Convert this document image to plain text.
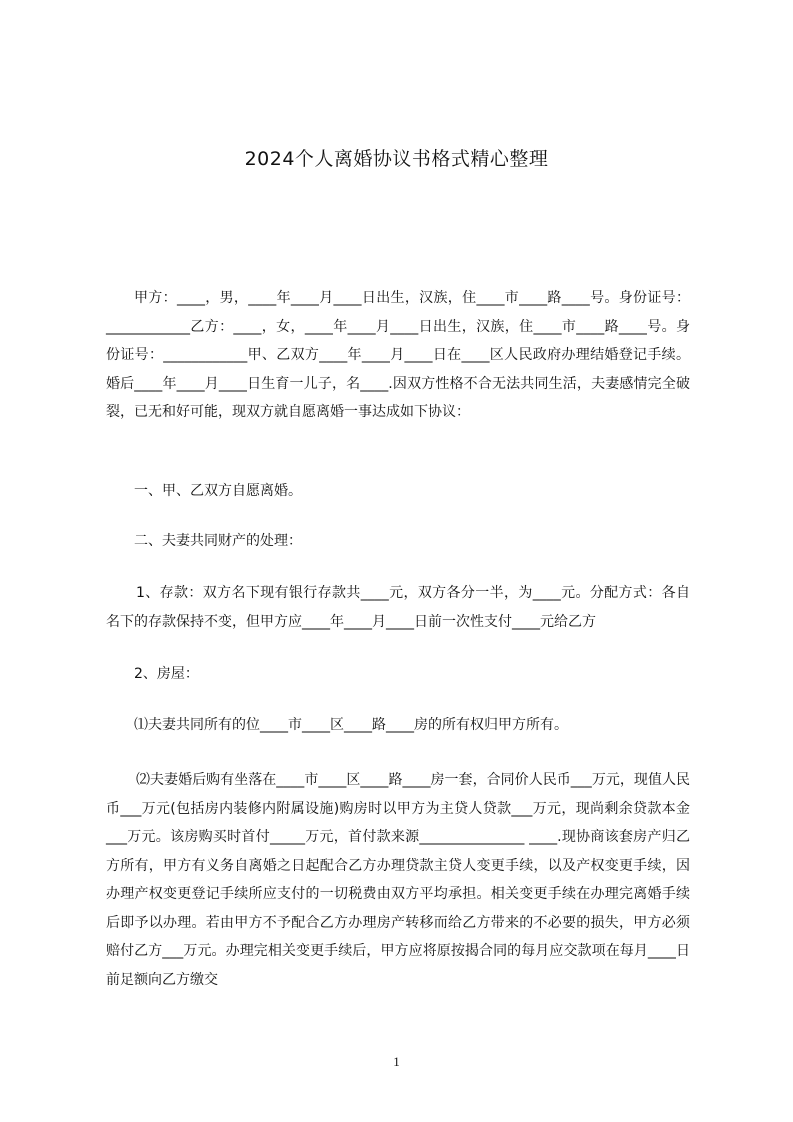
2024个人离婚协议书格式精心整理

甲方：____，男，____年____月____日出生，汉族，住____市____路____号。身份证号：____________乙方：____，女，____年____月____日出生，汉族，住____市____路____号。身份证号：____________甲、乙双方____年____月____日在____区人民政府办理结婚登记手续。婚后____年____月____日生育一儿子，名____.因双方性格不合无法共同生活，夫妻感情完全破裂，已无和好可能，现双方就自愿离婚一事达成如下协议：

一、甲、乙双方自愿离婚。

二、夫妻共同财产的处理：

1、存款：双方名下现有银行存款共____元，双方各分一半，为____元。分配方式：各自名下的存款保持不变，但甲方应____年____月____日前一次性支付____元给乙方

2、房屋：

⑴夫妻共同所有的位____市____区____路____房的所有权归甲方所有。

⑵夫妻婚后购有坐落在____市____区____路____房一套，合同价人民币___万元，现值人民币___万元(包括房内装修内附属设施)购房时以甲方为主贷人贷款___万元，现尚剩余贷款本金___万元。该房购买时首付_____万元，首付款来源_______________ ____.现协商该套房产归乙方所有，甲方有义务自离婚之日起配合乙方办理贷款主贷人变更手续，以及产权变更手续，因办理产权变更登记手续所应支付的一切税费由双方平均承担。相关变更手续在办理完离婚手续后即予以办理。若由甲方不予配合乙方办理房产转移而给乙方带来的不必要的损失，甲方必须赔付乙方___万元。办理完相关变更手续后，甲方应将原按揭合同的每月应交款项在每月____日前足额向乙方缴交

1
